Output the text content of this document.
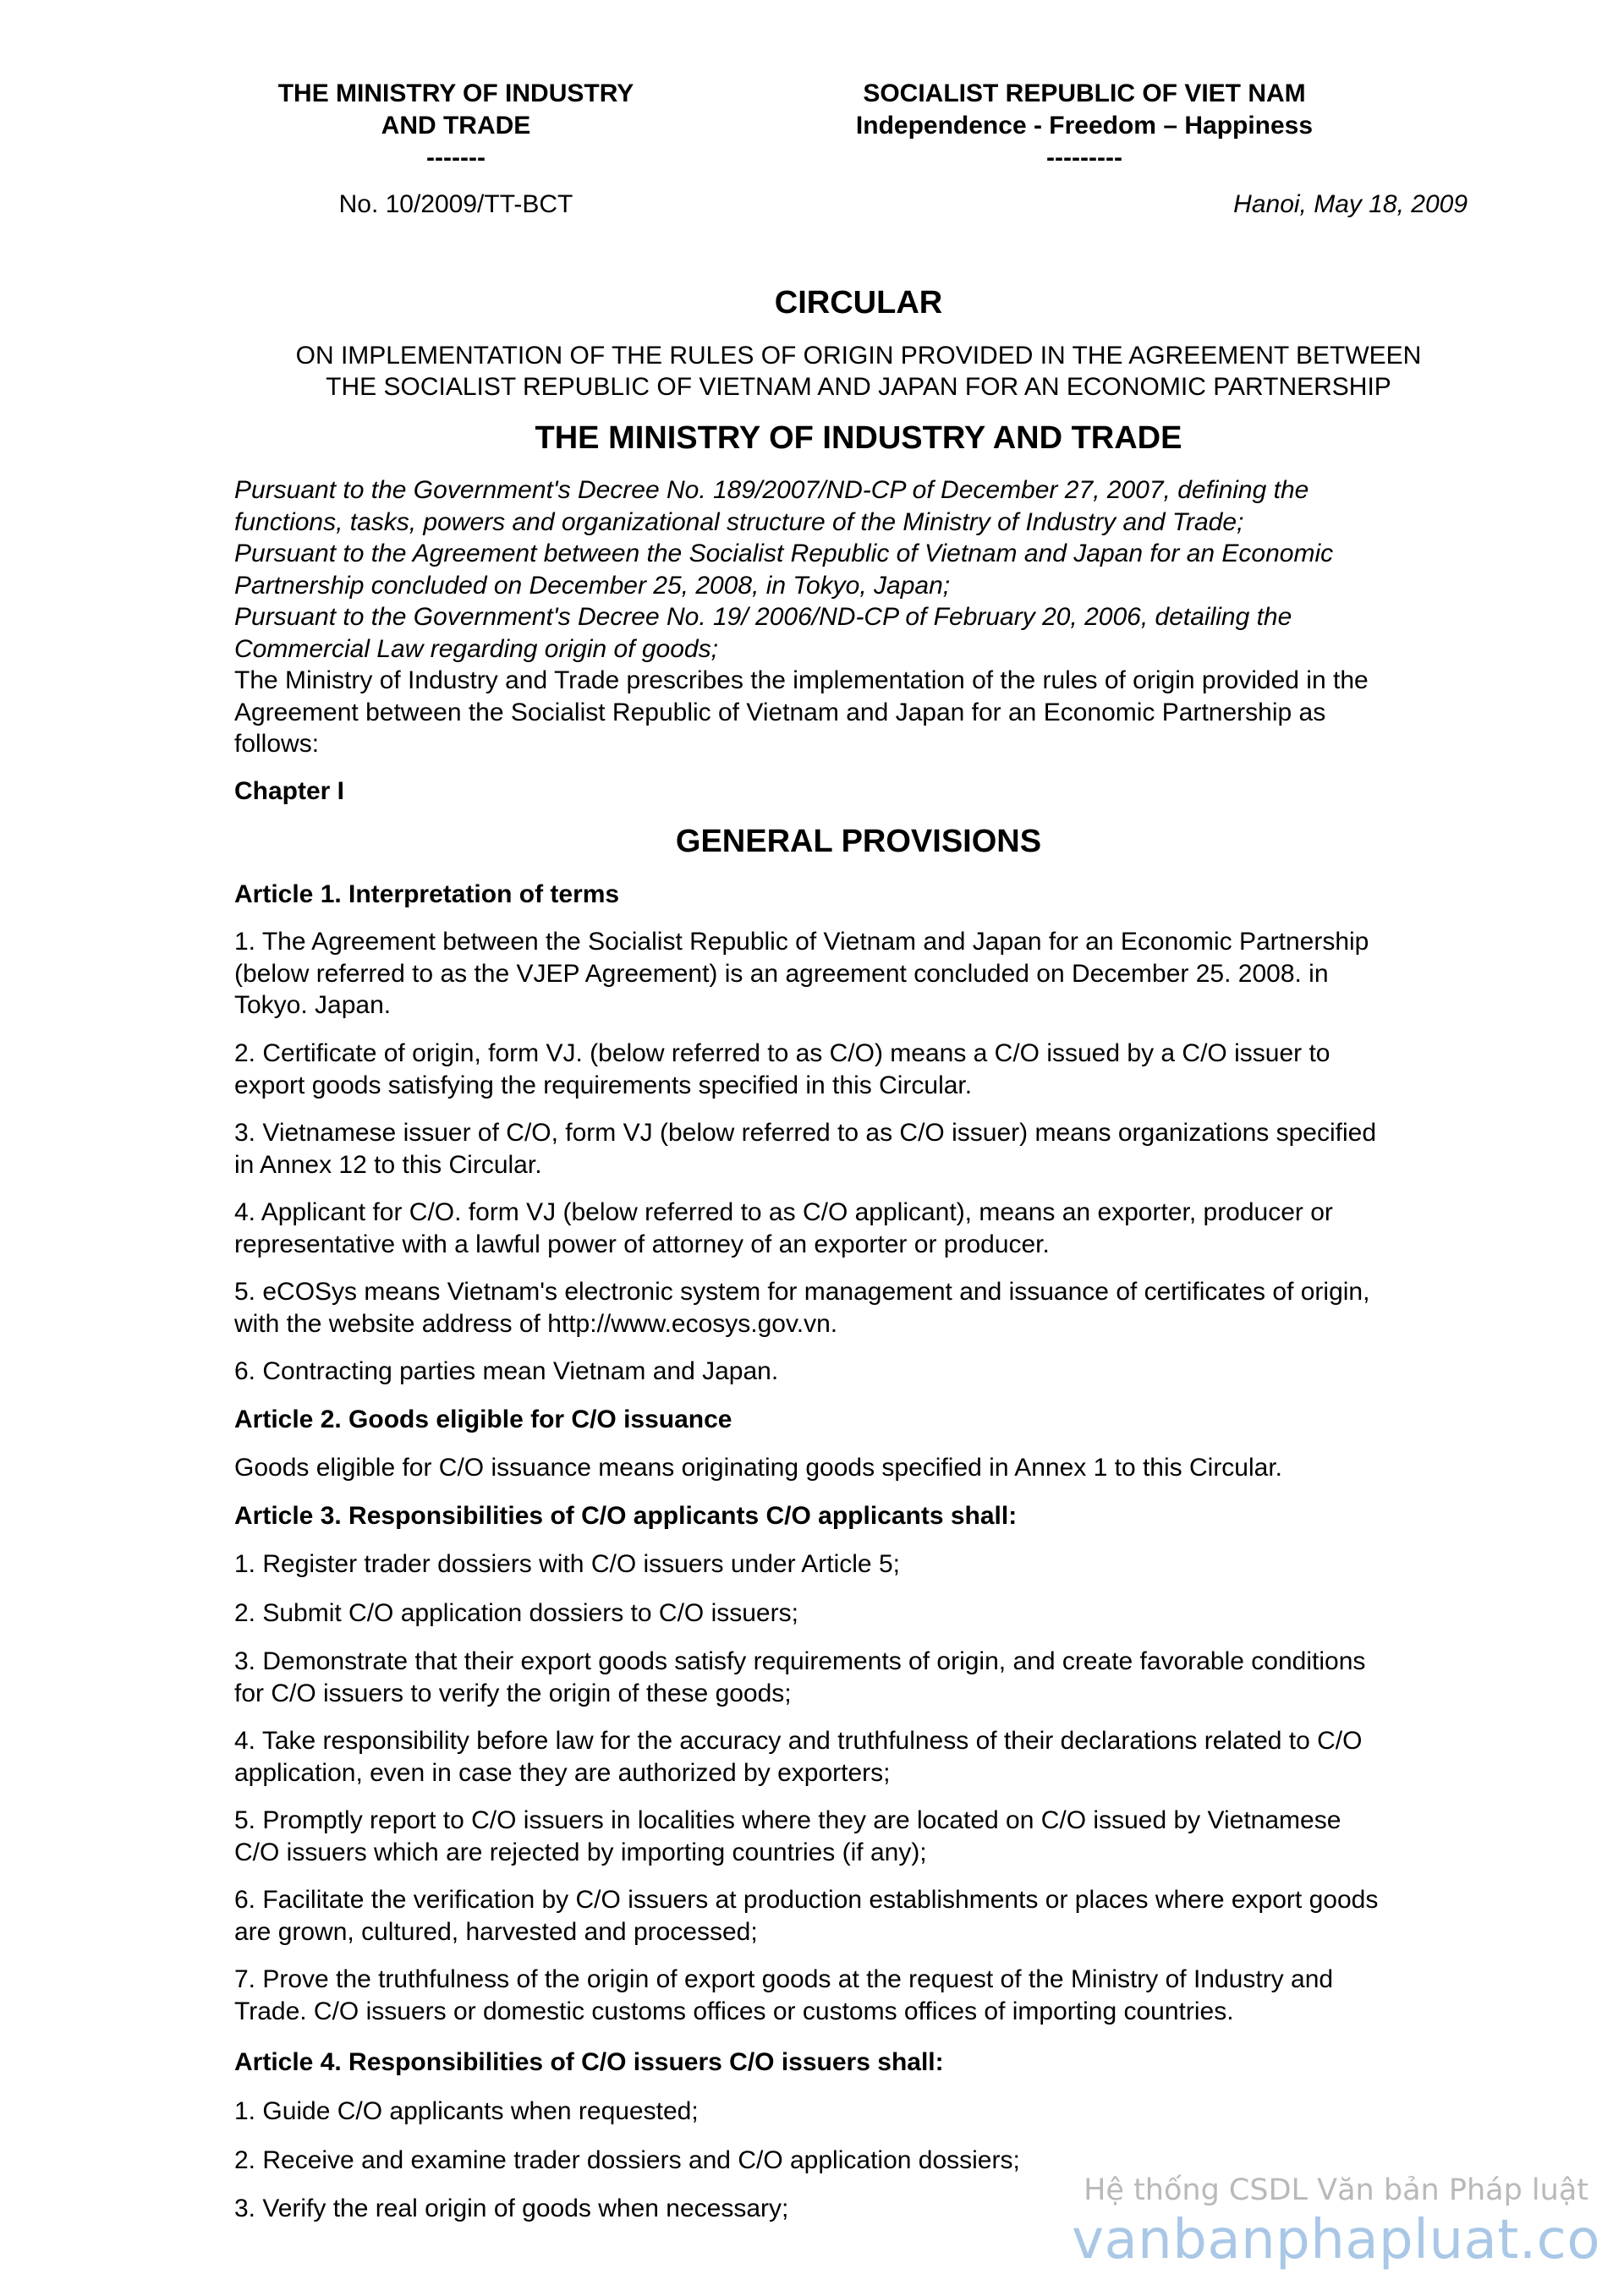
THE MINISTRY OF INDUSTRY
AND TRADE
-------
SOCIALIST REPUBLIC OF VIET NAM
Independence - Freedom – Happiness
---------
No. 10/2009/TT-BCT	Hanoi, May 18, 2009
CIRCULAR
ON IMPLEMENTATION OF THE RULES OF ORIGIN PROVIDED IN THE AGREEMENT BETWEEN
THE SOCIALIST REPUBLIC OF VIETNAM AND JAPAN FOR AN ECONOMIC PARTNERSHIP
THE MINISTRY OF INDUSTRY AND TRADE
Pursuant to the Government's Decree No. 189/2007/ND-CP of December 27, 2007, defining the
functions, tasks, powers and organizational structure of the Ministry of Industry and Trade;
Pursuant to the Agreement between the Socialist Republic of Vietnam and Japan for an Economic
Partnership concluded on December 25, 2008, in Tokyo, Japan;
Pursuant to the Government's Decree No. 19/ 2006/ND-CP of February 20, 2006, detailing the
Commercial Law regarding origin of goods;
The Ministry of Industry and Trade prescribes the implementation of the rules of origin provided in the
Agreement between the Socialist Republic of Vietnam and Japan for an Economic Partnership as
follows:
Chapter I
GENERAL PROVISIONS
Article 1. Interpretation of terms
1. The Agreement between the Socialist Republic of Vietnam and Japan for an Economic Partnership
(below referred to as the VJEP Agreement) is an agreement concluded on December 25. 2008. in
Tokyo. Japan.
2. Certificate of origin, form VJ. (below referred to as C/O) means a C/O issued by a C/O issuer to
export goods satisfying the requirements specified in this Circular.
3. Vietnamese issuer of C/O, form VJ (below referred to as C/O issuer) means organizations specified
in Annex 12 to this Circular.
4. Applicant for C/O. form VJ (below referred to as C/O applicant), means an exporter, producer or
representative with a lawful power of attorney of an exporter or producer.
5. eCOSys means Vietnam's electronic system for management and issuance of certificates of origin,
with the website address of http://www.ecosys.gov.vn.
6. Contracting parties mean Vietnam and Japan.
Article 2. Goods eligible for C/O issuance
Goods eligible for C/O issuance means originating goods specified in Annex 1 to this Circular.
Article 3. Responsibilities of C/O applicants C/O applicants shall:
1. Register trader dossiers with C/O issuers under Article 5;
2. Submit C/O application dossiers to C/O issuers;
3. Demonstrate that their export goods satisfy requirements of origin, and create favorable conditions
for C/O issuers to verify the origin of these goods;
4. Take responsibility before law for the accuracy and truthfulness of their declarations related to C/O
application, even in case they are authorized by exporters;
5. Promptly report to C/O issuers in localities where they are located on C/O issued by Vietnamese
C/O issuers which are rejected by importing countries (if any);
6. Facilitate the verification by C/O issuers at production establishments or places where export goods
are grown, cultured, harvested and processed;
7. Prove the truthfulness of the origin of export goods at the request of the Ministry of Industry and
Trade. C/O issuers or domestic customs offices or customs offices of importing countries.
Article 4. Responsibilities of C/O issuers C/O issuers shall:
1. Guide C/O applicants when requested;
2. Receive and examine trader dossiers and C/O application dossiers;
3. Verify the real origin of goods when necessary;
Hệ thống CSDL Văn bản Pháp luật
vanbanphapluat.co
